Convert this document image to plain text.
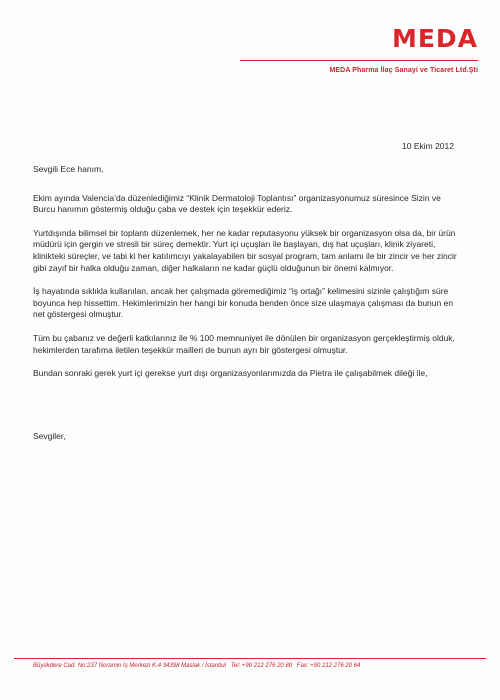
MEDA
MEDA Pharma İlaç Sanayi ve Ticaret Ltd.Şti
10 Ekim 2012

Sevgili Ece hanım,

Ekim ayında Valencia’da düzenlediğimiz “Klinik Dermatoloji Toplantısı” organizasyonumuz süresince Sizin ve Burcu hanımın göstermiş olduğu çaba ve destek için teşekkür ederiz.

Yurtdışında bilimsel bir toplantı düzenlemek, her ne kadar reputasyonu yüksek bir organizasyon olsa da, bir ürün müdürü için gergin ve stresli bir süreç demektir. Yurt içi uçuşları ile başlayan, dış hat uçuşları, klinik ziyareti, klinikteki süreçler, ve tabi ki her katılımcıyı yakalayabilen bir sosyal program, tam anlamı ile bir zincir ve her zincir gibi zayıf bir halka olduğu zaman, diğer halkaların ne kadar güçlü olduğunun bir önemi kalmıyor.

İş hayatında sıklıkla kullanılan, ancak her çalışmada göremediğimiz “iş ortağı” kelimesini sizinle çalıştığım süre boyunca hep hissettim. Hekimlerimizin her hangi bir konuda benden önce size ulaşmaya çalışması da bunun en net göstergesi olmuştur.

Tüm bu çabanız ve değerli katkılarınız ile % 100 memnuniyet ile dönülen bir organizasyon gerçekleştirmiş olduk, hekimlerden tarafıma iletilen teşekkür mailleri de bunun ayrı bir göstergesi olmuştur.

Bundan sonraki gerek yurt içi gerekse yurt dışı organizasyonlarımızda da Pietra ile çalışabilmek dileği ile,

Sevgiler,
Büyükdere Cad. No:237 Noramin İş Merkezi K.4 34398 Maslak / İstanbul Tel: +90 212 276 20 80 Fax: +90 212 276 20 64
